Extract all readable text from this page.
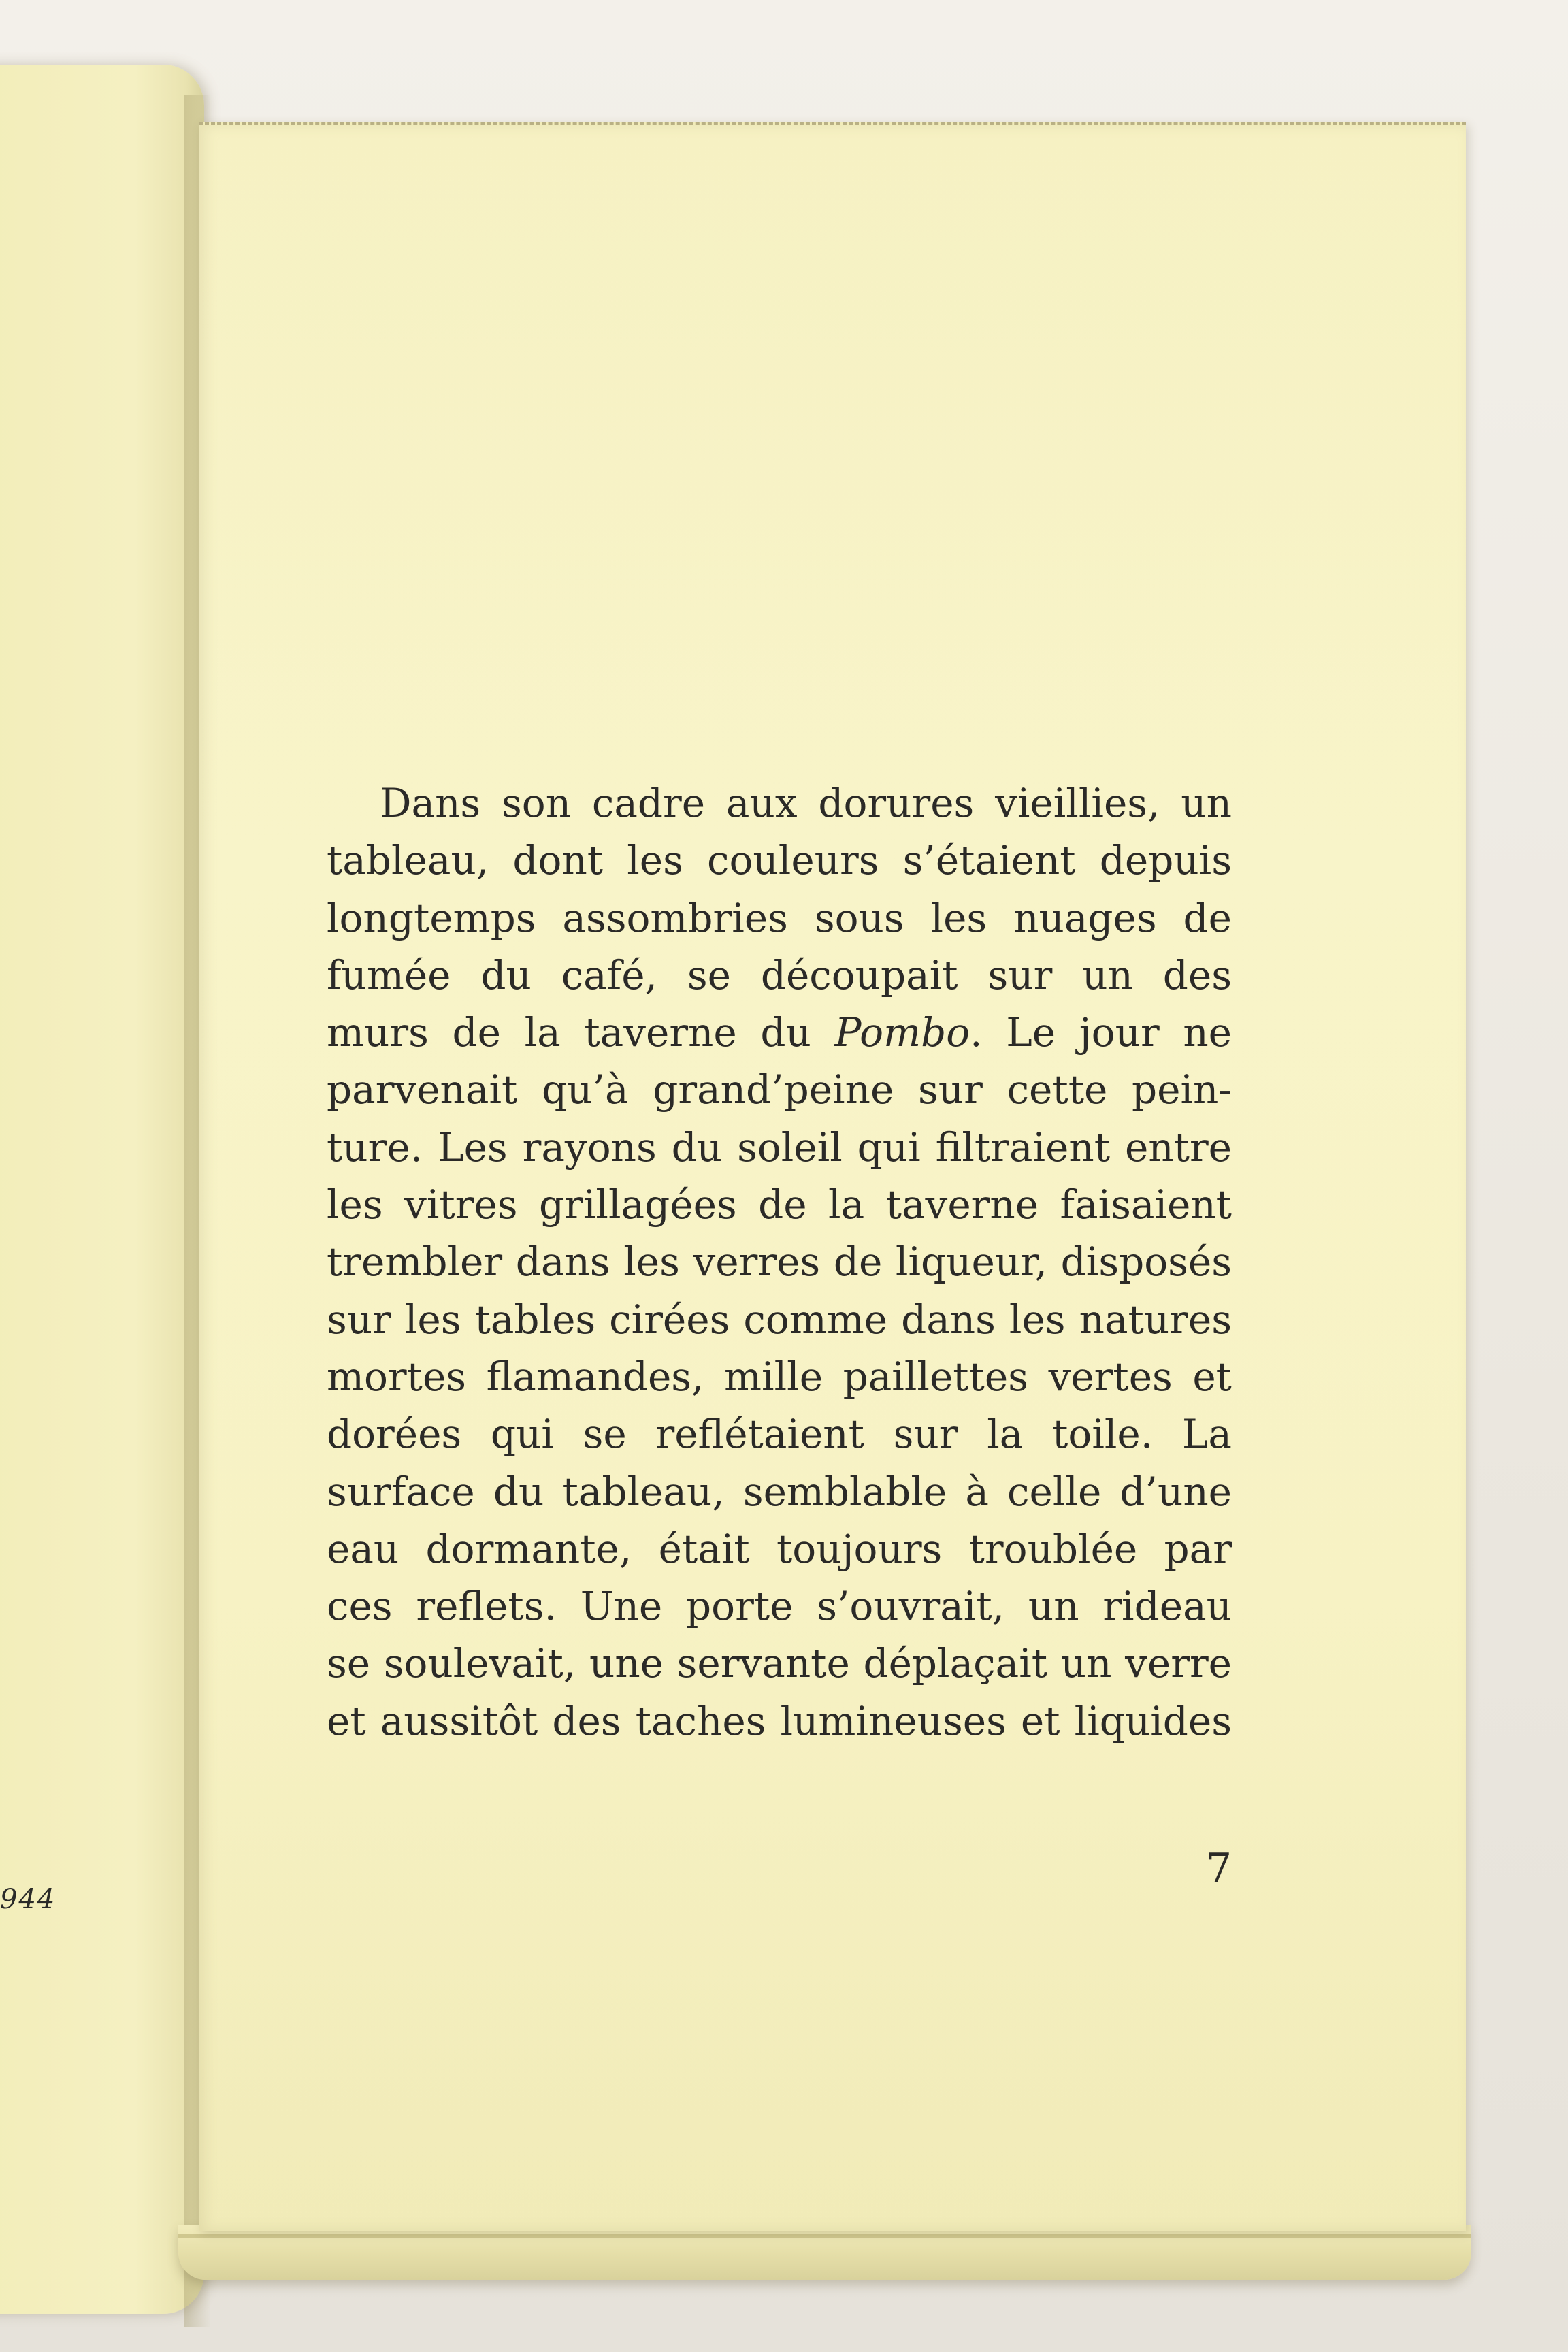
944
Dans son cadre aux dorures vieillies, un
tableau, dont les couleurs s’étaient depuis
longtemps assombries sous les nuages de
fumée du café, se découpait sur un des
murs de la taverne du Pombo. Le jour ne
parvenait qu’à grand’peine sur cette pein-
ture. Les rayons du soleil qui filtraient entre
les vitres grillagées de la taverne faisaient
trembler dans les verres de liqueur, disposés
sur les tables cirées comme dans les natures
mortes flamandes, mille paillettes vertes et
dorées qui se reflétaient sur la toile. La
surface du tableau, semblable à celle d’une
eau dormante, était toujours troublée par
ces reflets. Une porte s’ouvrait, un rideau
se soulevait, une servante déplaçait un verre
et aussitôt des taches lumineuses et liquides
7
